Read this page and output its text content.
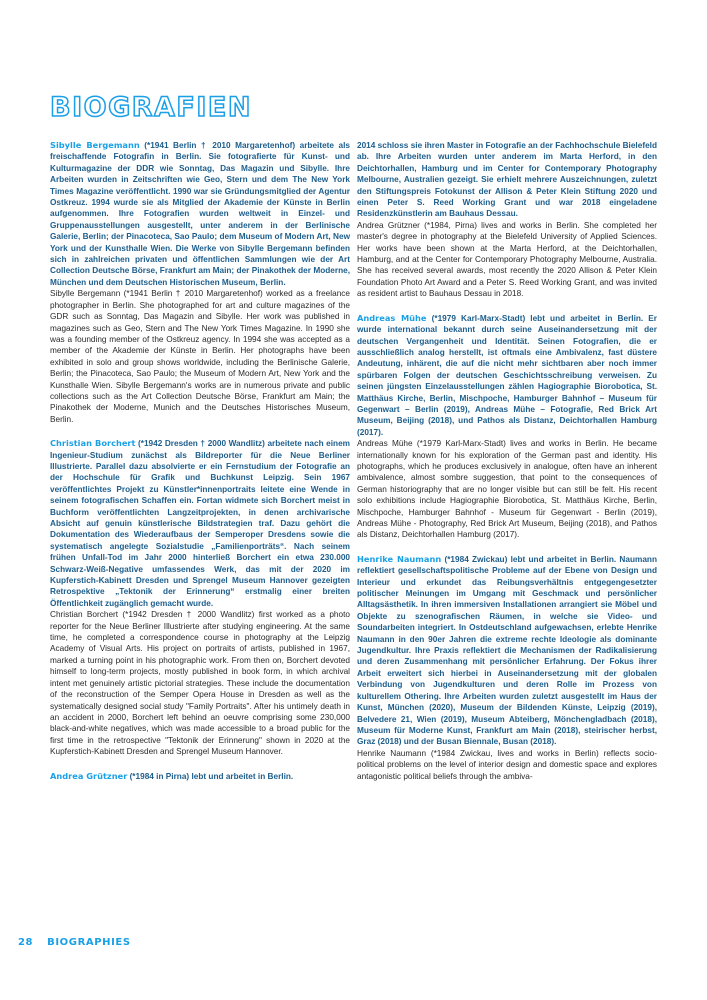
BIOGRAFIEN

Sibylle Bergemann (*1941 Berlin † 2010 Margaretenhof) arbeitete als freischaffende Fotografin in Berlin. Sie fotografierte für Kunst- und Kulturmagazine der DDR wie Sonntag, Das Magazin und Sibylle. Ihre Arbeiten wurden in Zeitschriften wie Geo, Stern und dem The New York Times Magazine veröffentlicht. 1990 war sie Gründungsmitglied der Agentur Ostkreuz. 1994 wurde sie als Mitglied der Akademie der Künste in Berlin aufgenommen. Ihre Fotografien wurden weltweit in Einzel- und Gruppenausstellungen ausgestellt, unter anderem in der Berlinische Galerie, Berlin; der Pinacoteca, Sao Paulo; dem Museum of Modern Art, New York und der Kunsthalle Wien. Die Werke von Sibylle Bergemann befinden sich in zahlreichen privaten und öffentlichen Sammlungen wie der Art Collection Deutsche Börse, Frankfurt am Main; der Pinakothek der Moderne, München und dem Deutschen Historischen Museum, Berlin.

Sibylle Bergemann (*1941 Berlin † 2010 Margaretenhof) worked as a freelance photographer in Berlin. She photographed for art and culture magazines of the GDR such as Sonntag, Das Magazin and Sibylle. Her work was published in magazines such as Geo, Stern and The New York Times Magazine. In 1990 she was a founding member of the Ostkreuz agency. In 1994 she was accepted as a member of the Akademie der Künste in Berlin. Her photographs have been exhibited in solo and group shows worldwide, including the Berlinische Galerie, Berlin; the Pinacoteca, Sao Paulo; the Museum of Modern Art, New York and the Kunsthalle Wien. Sibylle Bergemann's works are in numerous private and public collections such as the Art Collection Deutsche Börse, Frankfurt am Main; the Pinakothek der Moderne, Munich and the Deutsches Historisches Museum, Berlin.

Christian Borchert (*1942 Dresden † 2000 Wandlitz) arbeitete nach einem Ingenieur-Studium zunächst als Bildreporter für die Neue Berliner Illustrierte. Parallel dazu absolvierte er ein Fernstudium der Fotografie an der Hochschule für Grafik und Buchkunst Leipzig. Sein 1967 veröffentlichtes Projekt zu Künstler*innenportraits leitete eine Wende in seinem fotografischen Schaffen ein. Fortan widmete sich Borchert meist in Buchform veröffentlichten Langzeitprojekten, in denen archivarische Absicht auf genuin künstlerische Bildstrategien traf. Dazu gehört die Dokumentation des Wiederaufbaus der Semperoper Dresdens sowie die systematisch angelegte Sozialstudie „Familienporträts“. Nach seinem frühen Unfall-Tod im Jahr 2000 hinterließ Borchert ein etwa 230.000 Schwarz-Weiß-Negative umfassendes Werk, das mit der 2020 im Kupferstich-Kabinett Dresden und Sprengel Museum Hannover gezeigten Retrospektive „Tektonik der Erinnerung“ erstmalig einer breiten Öffentlichkeit zugänglich gemacht wurde.

Christian Borchert (*1942 Dresden † 2000 Wandlitz) first worked as a photo reporter for the Neue Berliner Illustrierte after studying engineering. At the same time, he completed a correspondence course in photography at the Leipzig Academy of Visual Arts. His project on portraits of artists, published in 1967, marked a turning point in his photographic work. From then on, Borchert devoted himself to long-term projects, mostly published in book form, in which archival intent met genuinely artistic pictorial strategies. These include the documentation of the reconstruction of the Semper Opera House in Dresden as well as the systematically designed social study "Family Portraits". After his untimely death in an accident in 2000, Borchert left behind an oeuvre comprising some 230,000 black-and-white negatives, which was made accessible to a broad public for the first time in the retrospective "Tektonik der Erinnerung" shown in 2020 at the Kupferstich-Kabinett Dresden and Sprengel Museum Hannover.

Andrea Grützner (*1984 in Pirna) lebt und arbeitet in Berlin.

2014 schloss sie ihren Master in Fotografie an der Fachhochschule Bielefeld ab. Ihre Arbeiten wurden unter anderem im Marta Herford, in den Deichtorhallen, Hamburg und im Center for Contemporary Photography Melbourne, Australien gezeigt. Sie erhielt mehrere Auszeichnungen, zuletzt den Stiftungspreis Fotokunst der Allison & Peter Klein Stiftung 2020 und einen Peter S. Reed Working Grant und war 2018 eingeladene Residenzkünstlerin am Bauhaus Dessau.

Andrea Grützner (*1984, Pirna) lives and works in Berlin. She completed her master's degree in photography at the Bielefeld University of Applied Sciences. Her works have been shown at the Marta Herford, at the Deichtorhallen, Hamburg, and at the Center for Contemporary Photography Melbourne, Australia. She has received several awards, most recently the 2020 Allison & Peter Klein Foundation Photo Art Award and a Peter S. Reed Working Grant, and was invited as resident artist to Bauhaus Dessau in 2018.

Andreas Mühe (*1979 Karl-Marx-Stadt) lebt und arbeitet in Berlin. Er wurde international bekannt durch seine Auseinandersetzung mit der deutschen Vergangenheit und Identität. Seinen Fotografien, die er ausschließlich analog herstellt, ist oftmals eine Ambivalenz, fast düstere Andeutung, inhärent, die auf die nicht mehr sichtbaren aber noch immer spürbaren Folgen der deutschen Geschichtsschreibung verweisen. Zu seinen jüngsten Einzelausstellungen zählen Hagiographie Biorobotica, St. Matthäus Kirche, Berlin, Mischpoche, Hamburger Bahnhof – Museum für Gegenwart – Berlin (2019), Andreas Mühe – Fotografie, Red Brick Art Museum, Beijing (2018), und Pathos als Distanz, Deichtorhallen Hamburg (2017).

Andreas Mühe (*1979 Karl-Marx-Stadt) lives and works in Berlin. He became internationally known for his exploration of the German past and identity. His photographs, which he produces exclusively in analogue, often have an inherent ambivalence, almost sombre suggestion, that point to the consequences of German historiography that are no longer visible but can still be felt. His recent solo exhibitions include Hagiographie Biorobotica, St. Matthäus Kirche, Berlin, Mischpoche, Hamburger Bahnhof - Museum für Gegenwart - Berlin (2019), Andreas Mühe - Photography, Red Brick Art Museum, Beijing (2018), and Pathos als Distanz, Deichtorhallen Hamburg (2017).

Henrike Naumann (*1984 Zwickau) lebt und arbeitet in Berlin. Naumann reflektiert gesellschaftspolitische Probleme auf der Ebene von Design und Interieur und erkundet das Reibungsverhältnis entgegengesetzter politischer Meinungen im Umgang mit Geschmack und persönlicher Alltagsästhetik. In ihren immersiven Installationen arrangiert sie Möbel und Objekte zu szenografischen Räumen, in welche sie Video- und Soundarbeiten integriert. In Ostdeutschland aufgewachsen, erlebte Henrike Naumann in den 90er Jahren die extreme rechte Ideologie als dominante Jugendkultur. Ihre Praxis reflektiert die Mechanismen der Radikalisierung und deren Zusammenhang mit persönlicher Erfahrung. Der Fokus ihrer Arbeit erweitert sich hierbei in Auseinandersetzung mit der globalen Verbindung von Jugendkulturen und deren Rolle im Prozess von kulturellem Othering. Ihre Arbeiten wurden zuletzt ausgestellt im Haus der Kunst, München (2020), Museum der Bildenden Künste, Leipzig (2019), Belvedere 21, Wien (2019), Museum Abteiberg, Mönchengladbach (2018), Museum für Moderne Kunst, Frankfurt am Main (2018), steirischer herbst, Graz (2018) und der Busan Biennale, Busan (2018).

Henrike Naumann (*1984 Zwickau, lives and works in Berlin) reflects socio-political problems on the level of interior design and domestic space and explores antagonistic political beliefs through the ambiva-

28 BIOGRAPHIES
